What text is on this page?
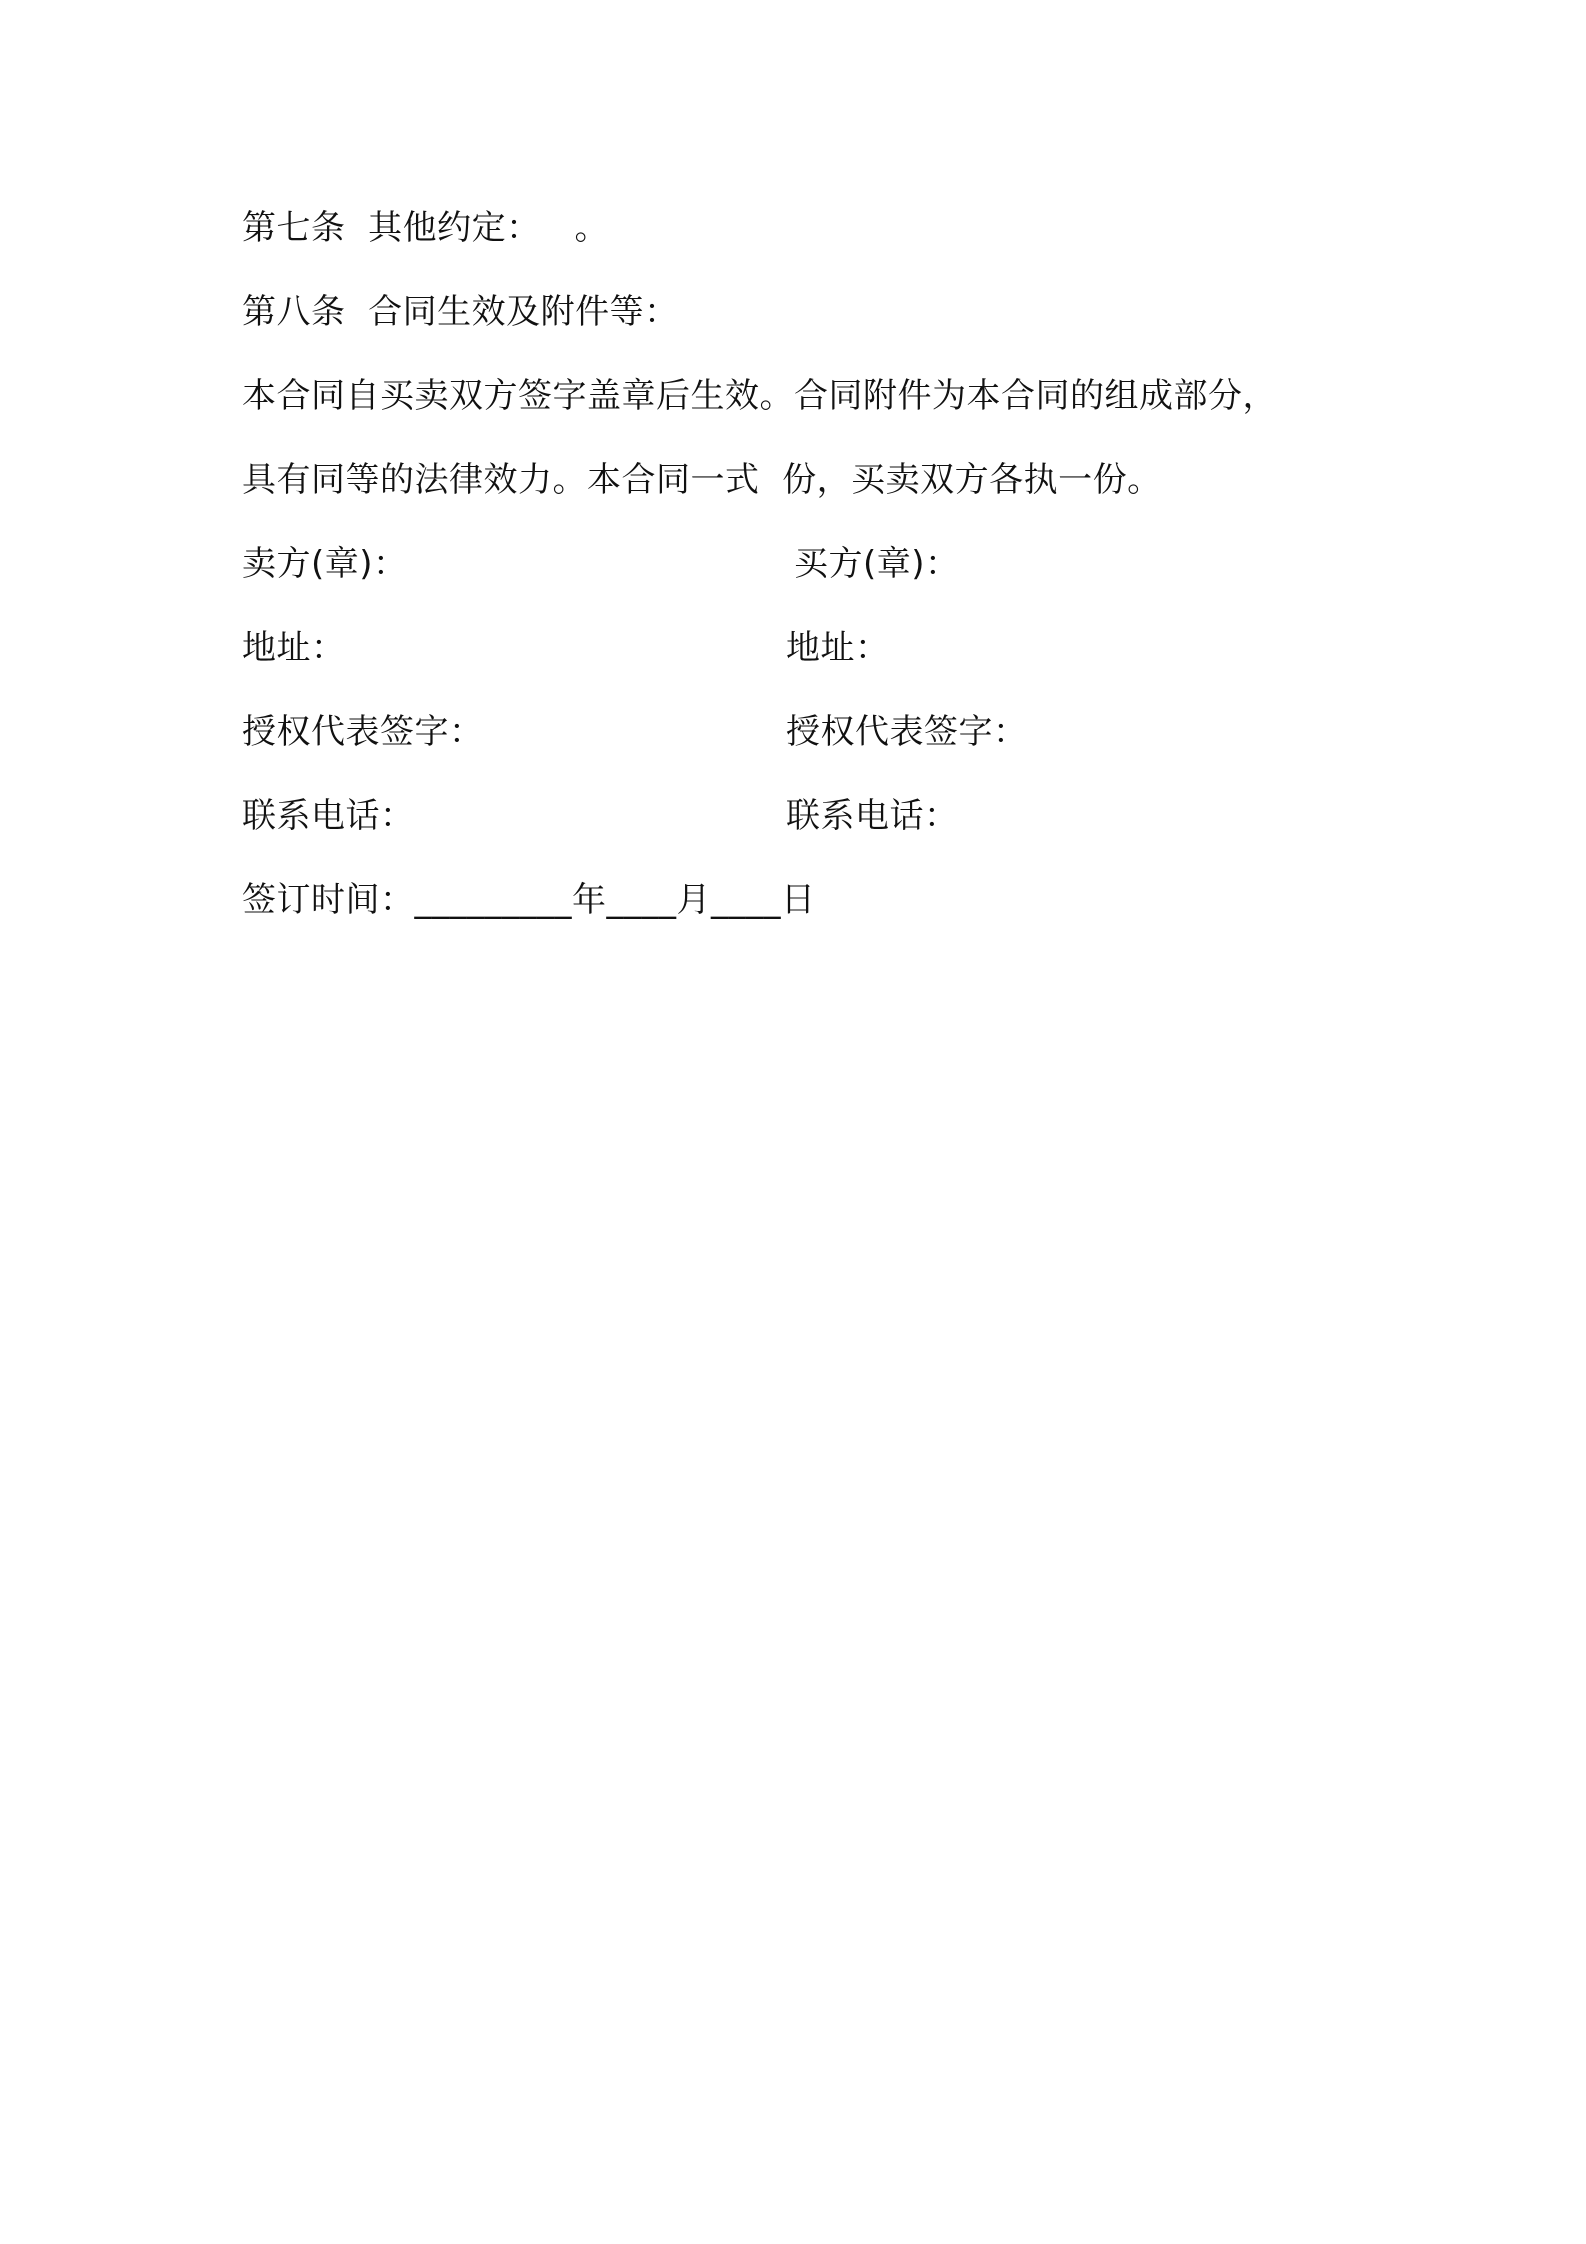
第七条  其他约定：   。
第八条  合同生效及附件等：
本合同自买卖双方签字盖章后生效。合同附件为本合同的组成部分，
具有同等的法律效力。本合同一式  份，买卖双方各执一份。
卖方(章)：	买方(章)：
地址：	地址：
授权代表签字：	授权代表签字：
联系电话：	联系电话：
签订时间：_________年____月____日
